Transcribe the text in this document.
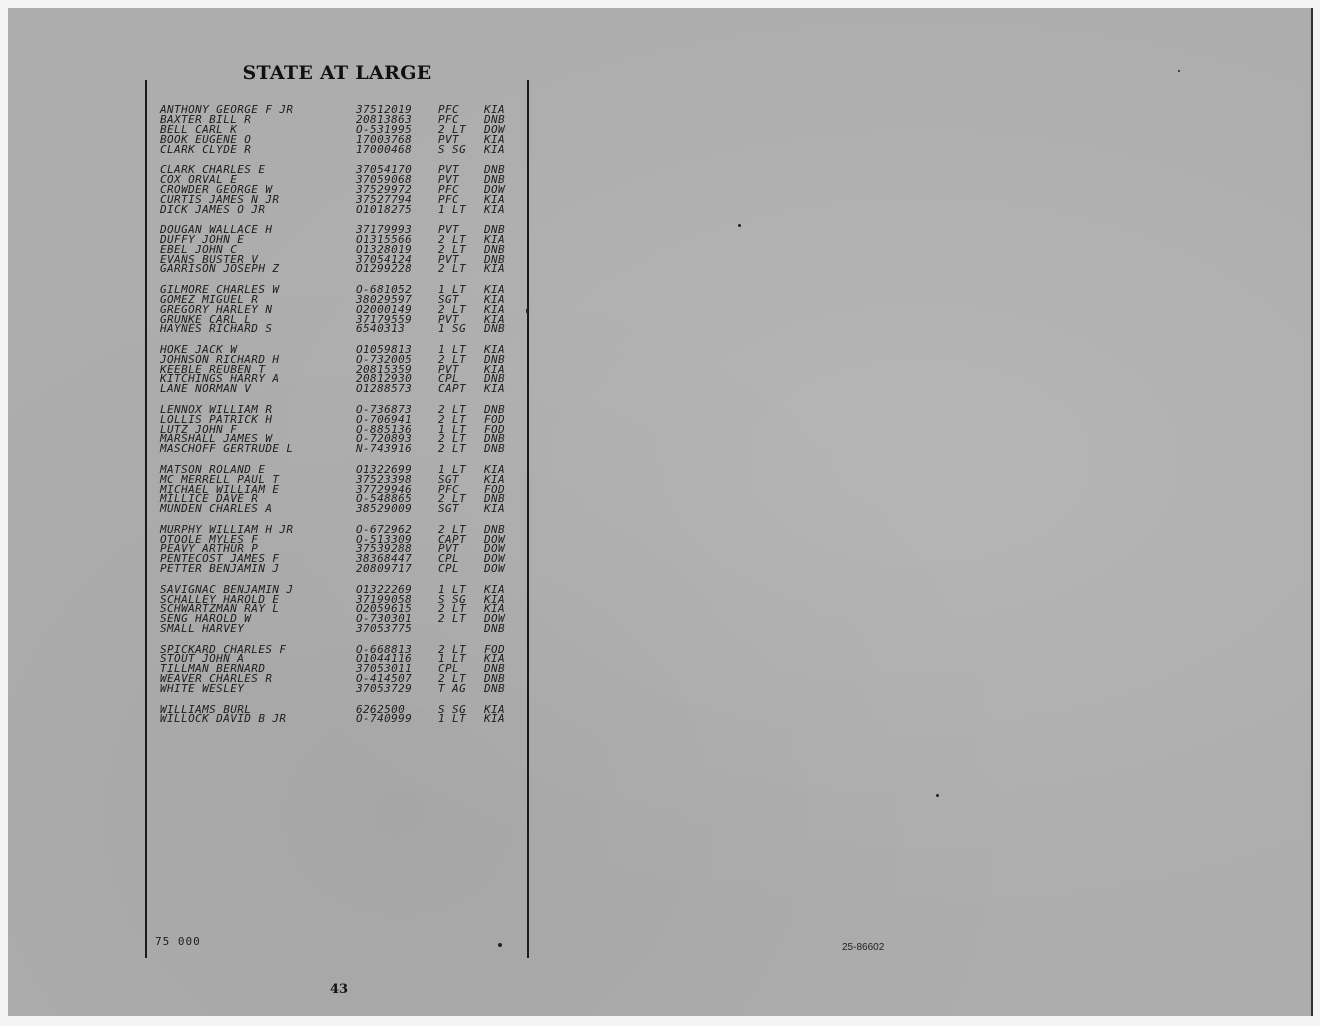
STATE AT LARGE
ANTHONY GEORGE F JR	37512019 PFC KIA
BAXTER BILL R	20813863 PFC DNB
BELL CARL K	O-531995 2 LT DOW
BOOK EUGENE O	17003768 PVT KIA
CLARK CLYDE R	17000468 S SG KIA
CLARK CHARLES E	37054170 PVT DNB
COX ORVAL E	37059068 PVT DNB
CROWDER GEORGE W	37529972 PFC DOW
CURTIS JAMES N JR	37527794 PFC KIA
DICK JAMES O JR	O1018275 1 LT KIA
DOUGAN WALLACE H	37179993 PVT DNB
DUFFY JOHN E	O1315566 2 LT KIA
EBEL JOHN C	O1328019 2 LT DNB
EVANS BUSTER V	37054124 PVT DNB
GARRISON JOSEPH Z	O1299228 2 LT KIA
GILMORE CHARLES W	O-681052 1 LT KIA
GOMEZ MIGUEL R	38029597 SGT KIA
GREGORY HARLEY N	O2000149 2 LT KIA
GRUNKE CARL L	37179559 PVT KIA
HAYNES RICHARD S	6540313	1 SG DNB
HOKE JACK W	O1059813 1 LT KIA
JOHNSON RICHARD H	O-732005 2 LT DNB
KEEBLE REUBEN T	20815359 PVT KIA
KITCHINGS HARRY A	20812930 CPL DNB
LANE NORMAN V	O1288573 CAPT KIA
LENNOX WILLIAM R	O-736873 2 LT DNB
LOLLIS PATRICK H	O-706941 2 LT FOD
LUTZ JOHN F	O-885136 1 LT FOD
MARSHALL JAMES W	O-720893 2 LT DNB
MASCHOFF GERTRUDE L	N-743916 2 LT DNB
MATSON ROLAND E	O1322699 1 LT KIA
MC MERRELL PAUL T	37523398 SGT KIA
MICHAEL WILLIAM E	37729946 PFC FOD
MILLICE DAVE R	O-548865 2 LT DNB
MUNDEN CHARLES A	38529009 SGT KIA
MURPHY WILLIAM H JR	O-672962 2 LT DNB
OTOOLE MYLES F	O-513309 CAPT DOW
PEAVY ARTHUR P	37539288 PVT DOW
PENTECOST JAMES F	38368447 CPL DOW
PETTER BENJAMIN J	20809717 CPL DOW
SAVIGNAC BENJAMIN J	O1322269 1 LT KIA
SCHALLEY HAROLD E	37199058 S SG KIA
SCHWARTZMAN RAY L	O2059615 2 LT KIA
SENG HAROLD W	O-730301 2 LT DOW
SMALL HARVEY	37053775	DNB
SPICKARD CHARLES F	O-668813 2 LT FOD
STOUT JOHN A	O1044116 1 LT KIA
TILLMAN BERNARD	37053011 CPL DNB
WEAVER CHARLES R	O-414507 2 LT DNB
WHITE WESLEY	37053729 T AG DNB
WILLIAMS BURL	6262500	S SG KIA
WILLOCK DAVID B JR	O-740999 1 LT KIA
75 000
43
25-86602
